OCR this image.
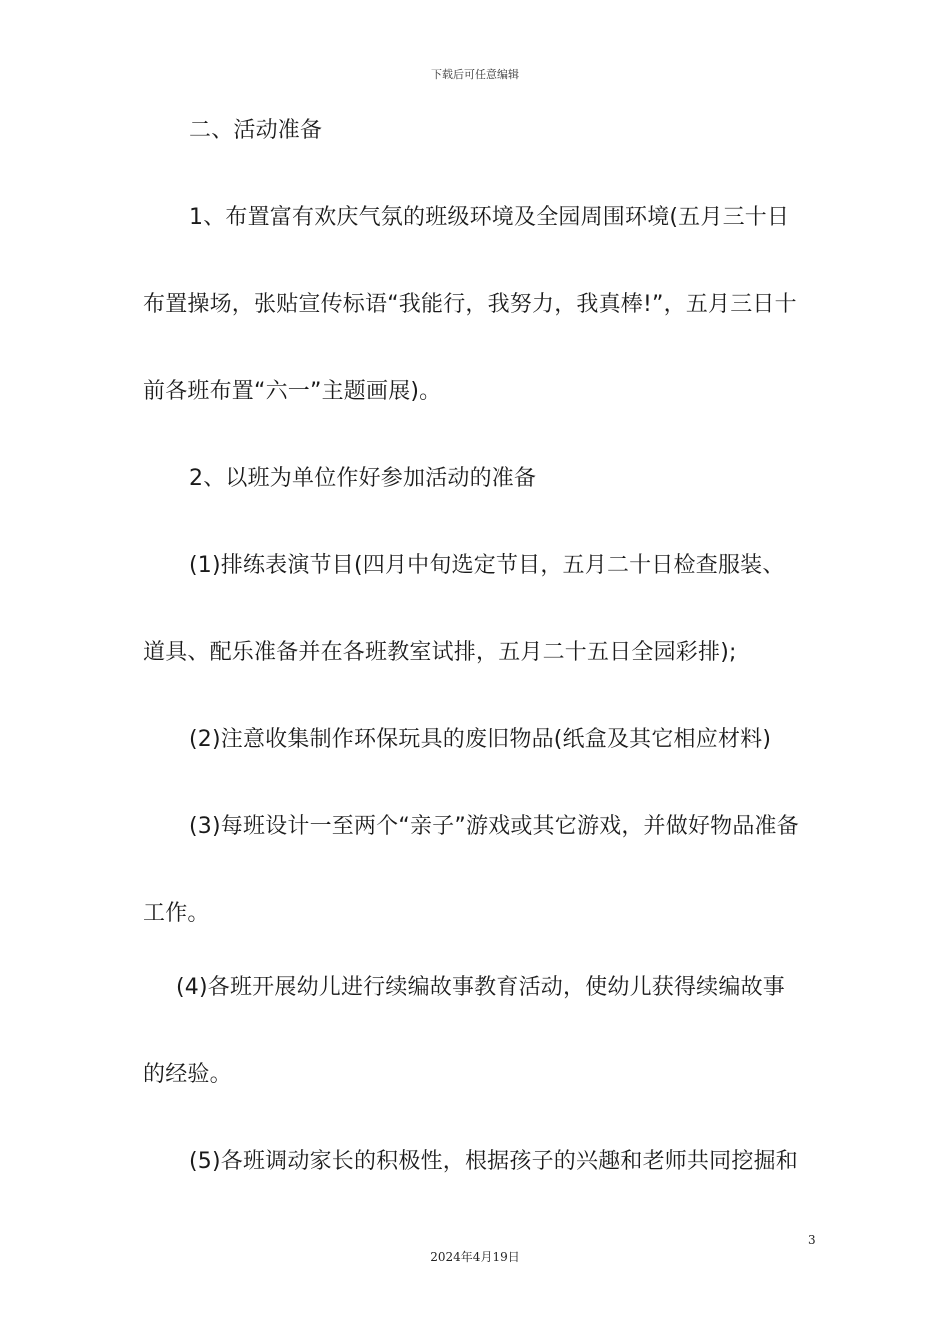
下载后可任意编辑
二、活动准备
1、布置富有欢庆气氛的班级环境及全园周围环境(五月三十日
布置操场，张贴宣传标语“我能行，我努力，我真棒!”，五月三日十
前各班布置“六一”主题画展)。
2、以班为单位作好参加活动的准备
(1)排练表演节目(四月中旬选定节目，五月二十日检查服装、
道具、配乐准备并在各班教室试排，五月二十五日全园彩排);
(2)注意收集制作环保玩具的废旧物品(纸盒及其它相应材料)
(3)每班设计一至两个“亲子”游戏或其它游戏，并做好物品准备
工作。
(4)各班开展幼儿进行续编故事教育活动，使幼儿获得续编故事
的经验。
(5)各班调动家长的积极性，根据孩子的兴趣和老师共同挖掘和
3
2024年4月19日
